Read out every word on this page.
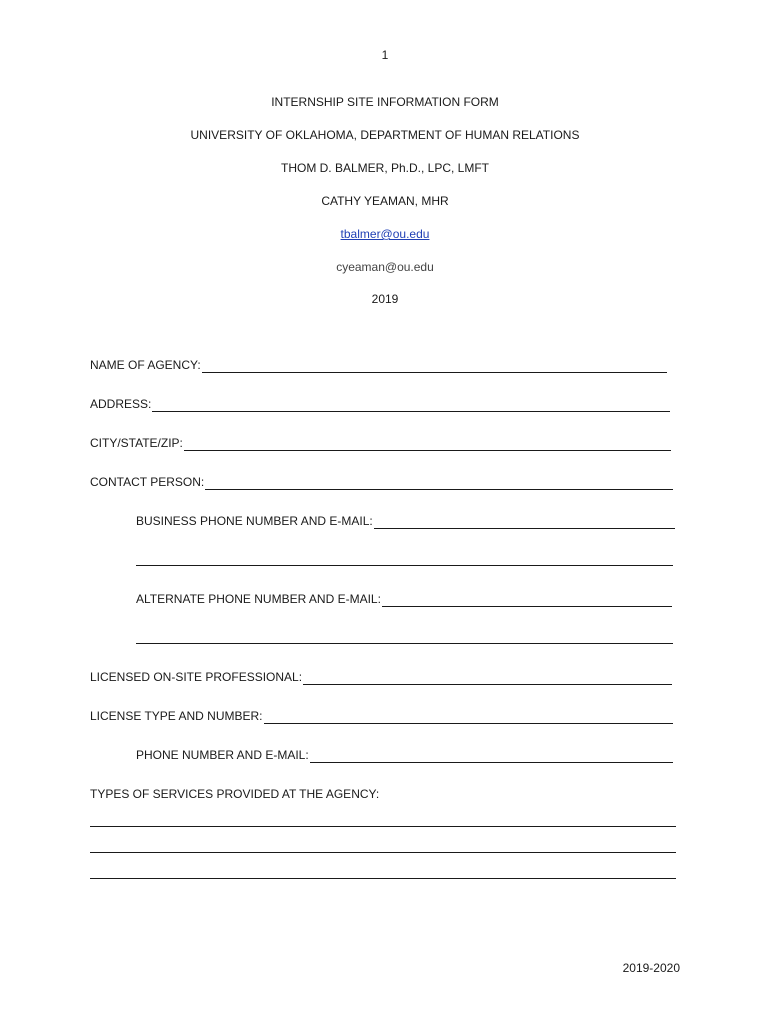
1
INTERNSHIP SITE INFORMATION FORM
UNIVERSITY OF OKLAHOMA, DEPARTMENT OF HUMAN RELATIONS
THOM D. BALMER, Ph.D., LPC, LMFT
CATHY YEAMAN, MHR
tbalmer@ou.edu
cyeaman@ou.edu
2019
NAME OF AGENCY:
ADDRESS:
CITY/STATE/ZIP:
CONTACT PERSON:
BUSINESS PHONE NUMBER AND E-MAIL:
ALTERNATE PHONE NUMBER AND E-MAIL:
LICENSED ON-SITE PROFESSIONAL:
LICENSE TYPE AND NUMBER:
PHONE NUMBER AND E-MAIL:
TYPES OF SERVICES PROVIDED AT THE AGENCY:
2019-2020
